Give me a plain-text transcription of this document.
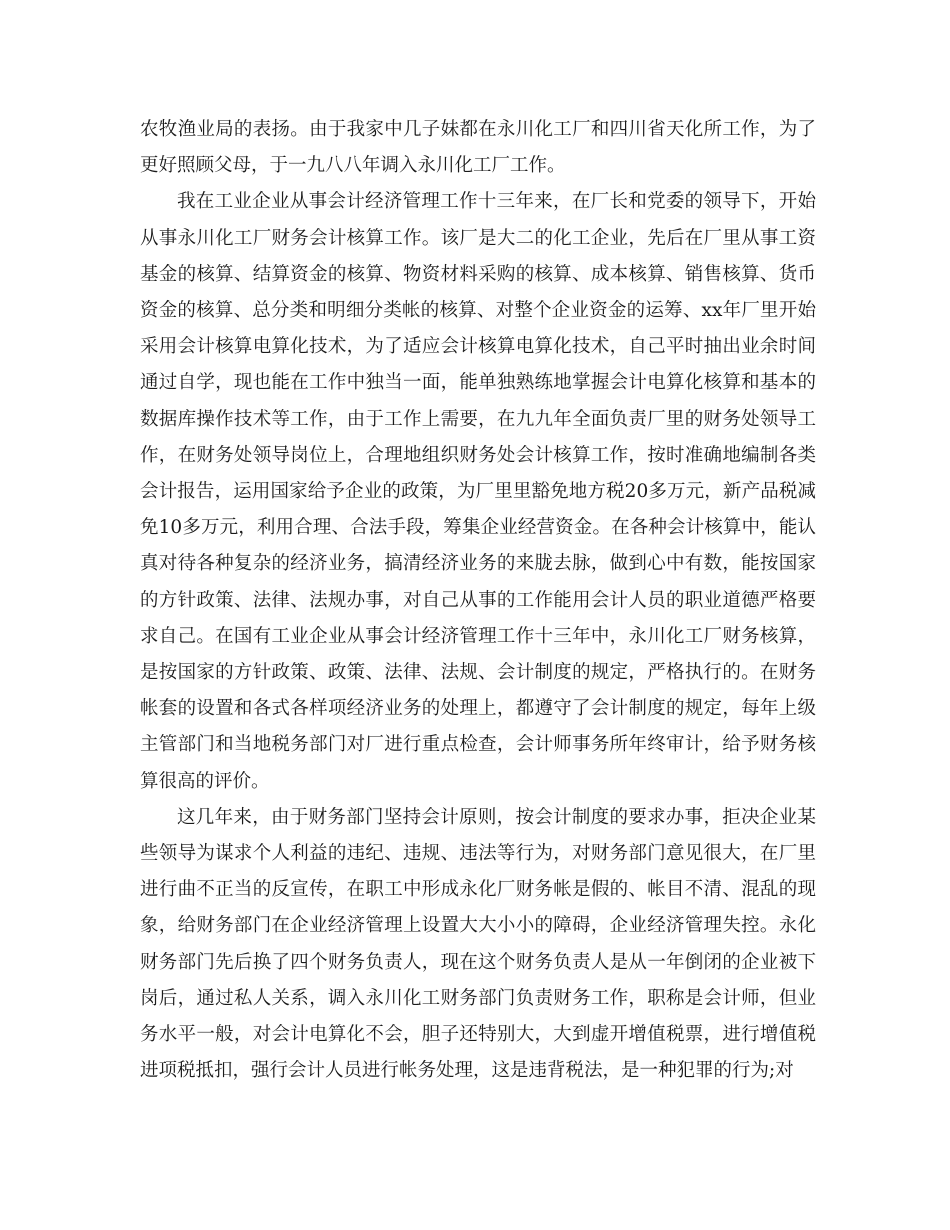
农牧渔业局的表扬。由于我家中几子妹都在永川化工厂和四川省天化所工作，为了更好照顾父母，于一九八八年调入永川化工厂工作。

我在工业企业从事会计经济管理工作十三年来，在厂长和党委的领导下，开始从事永川化工厂财务会计核算工作。该厂是大二的化工企业，先后在厂里从事工资基金的核算、结算资金的核算、物资材料采购的核算、成本核算、销售核算、货币资金的核算、总分类和明细分类帐的核算、对整个企业资金的运筹、xx年厂里开始采用会计核算电算化技术，为了适应会计核算电算化技术，自己平时抽出业余时间通过自学，现也能在工作中独当一面，能单独熟练地掌握会计电算化核算和基本的数据库操作技术等工作，由于工作上需要，在九九年全面负责厂里的财务处领导工作，在财务处领导岗位上，合理地组织财务处会计核算工作，按时准确地编制各类会计报告，运用国家给予企业的政策，为厂里里豁免地方税20多万元，新产品税减免10多万元，利用合理、合法手段，筹集企业经营资金。在各种会计核算中，能认真对待各种复杂的经济业务，搞清经济业务的来胧去脉，做到心中有数，能按国家的方针政策、法律、法规办事，对自己从事的工作能用会计人员的职业道德严格要求自己。在国有工业企业从事会计经济管理工作十三年中，永川化工厂财务核算，是按国家的方针政策、政策、法律、法规、会计制度的规定，严格执行的。在财务帐套的设置和各式各样项经济业务的处理上，都遵守了会计制度的规定，每年上级主管部门和当地税务部门对厂进行重点检查，会计师事务所年终审计，给予财务核算很高的评价。

这几年来，由于财务部门坚持会计原则，按会计制度的要求办事，拒决企业某些领导为谋求个人利益的违纪、违规、违法等行为，对财务部门意见很大，在厂里进行曲不正当的反宣传，在职工中形成永化厂财务帐是假的、帐目不清、混乱的现象，给财务部门在企业经济管理上设置大大小小的障碍，企业经济管理失控。永化财务部门先后换了四个财务负责人，现在这个财务负责人是从一年倒闭的企业被下岗后，通过私人关系，调入永川化工财务部门负责财务工作，职称是会计师，但业务水平一般，对会计电算化不会，胆子还特别大，大到虚开增值税票，进行增值税进项税抵扣，强行会计人员进行帐务处理，这是违背税法，是一种犯罪的行为;对
